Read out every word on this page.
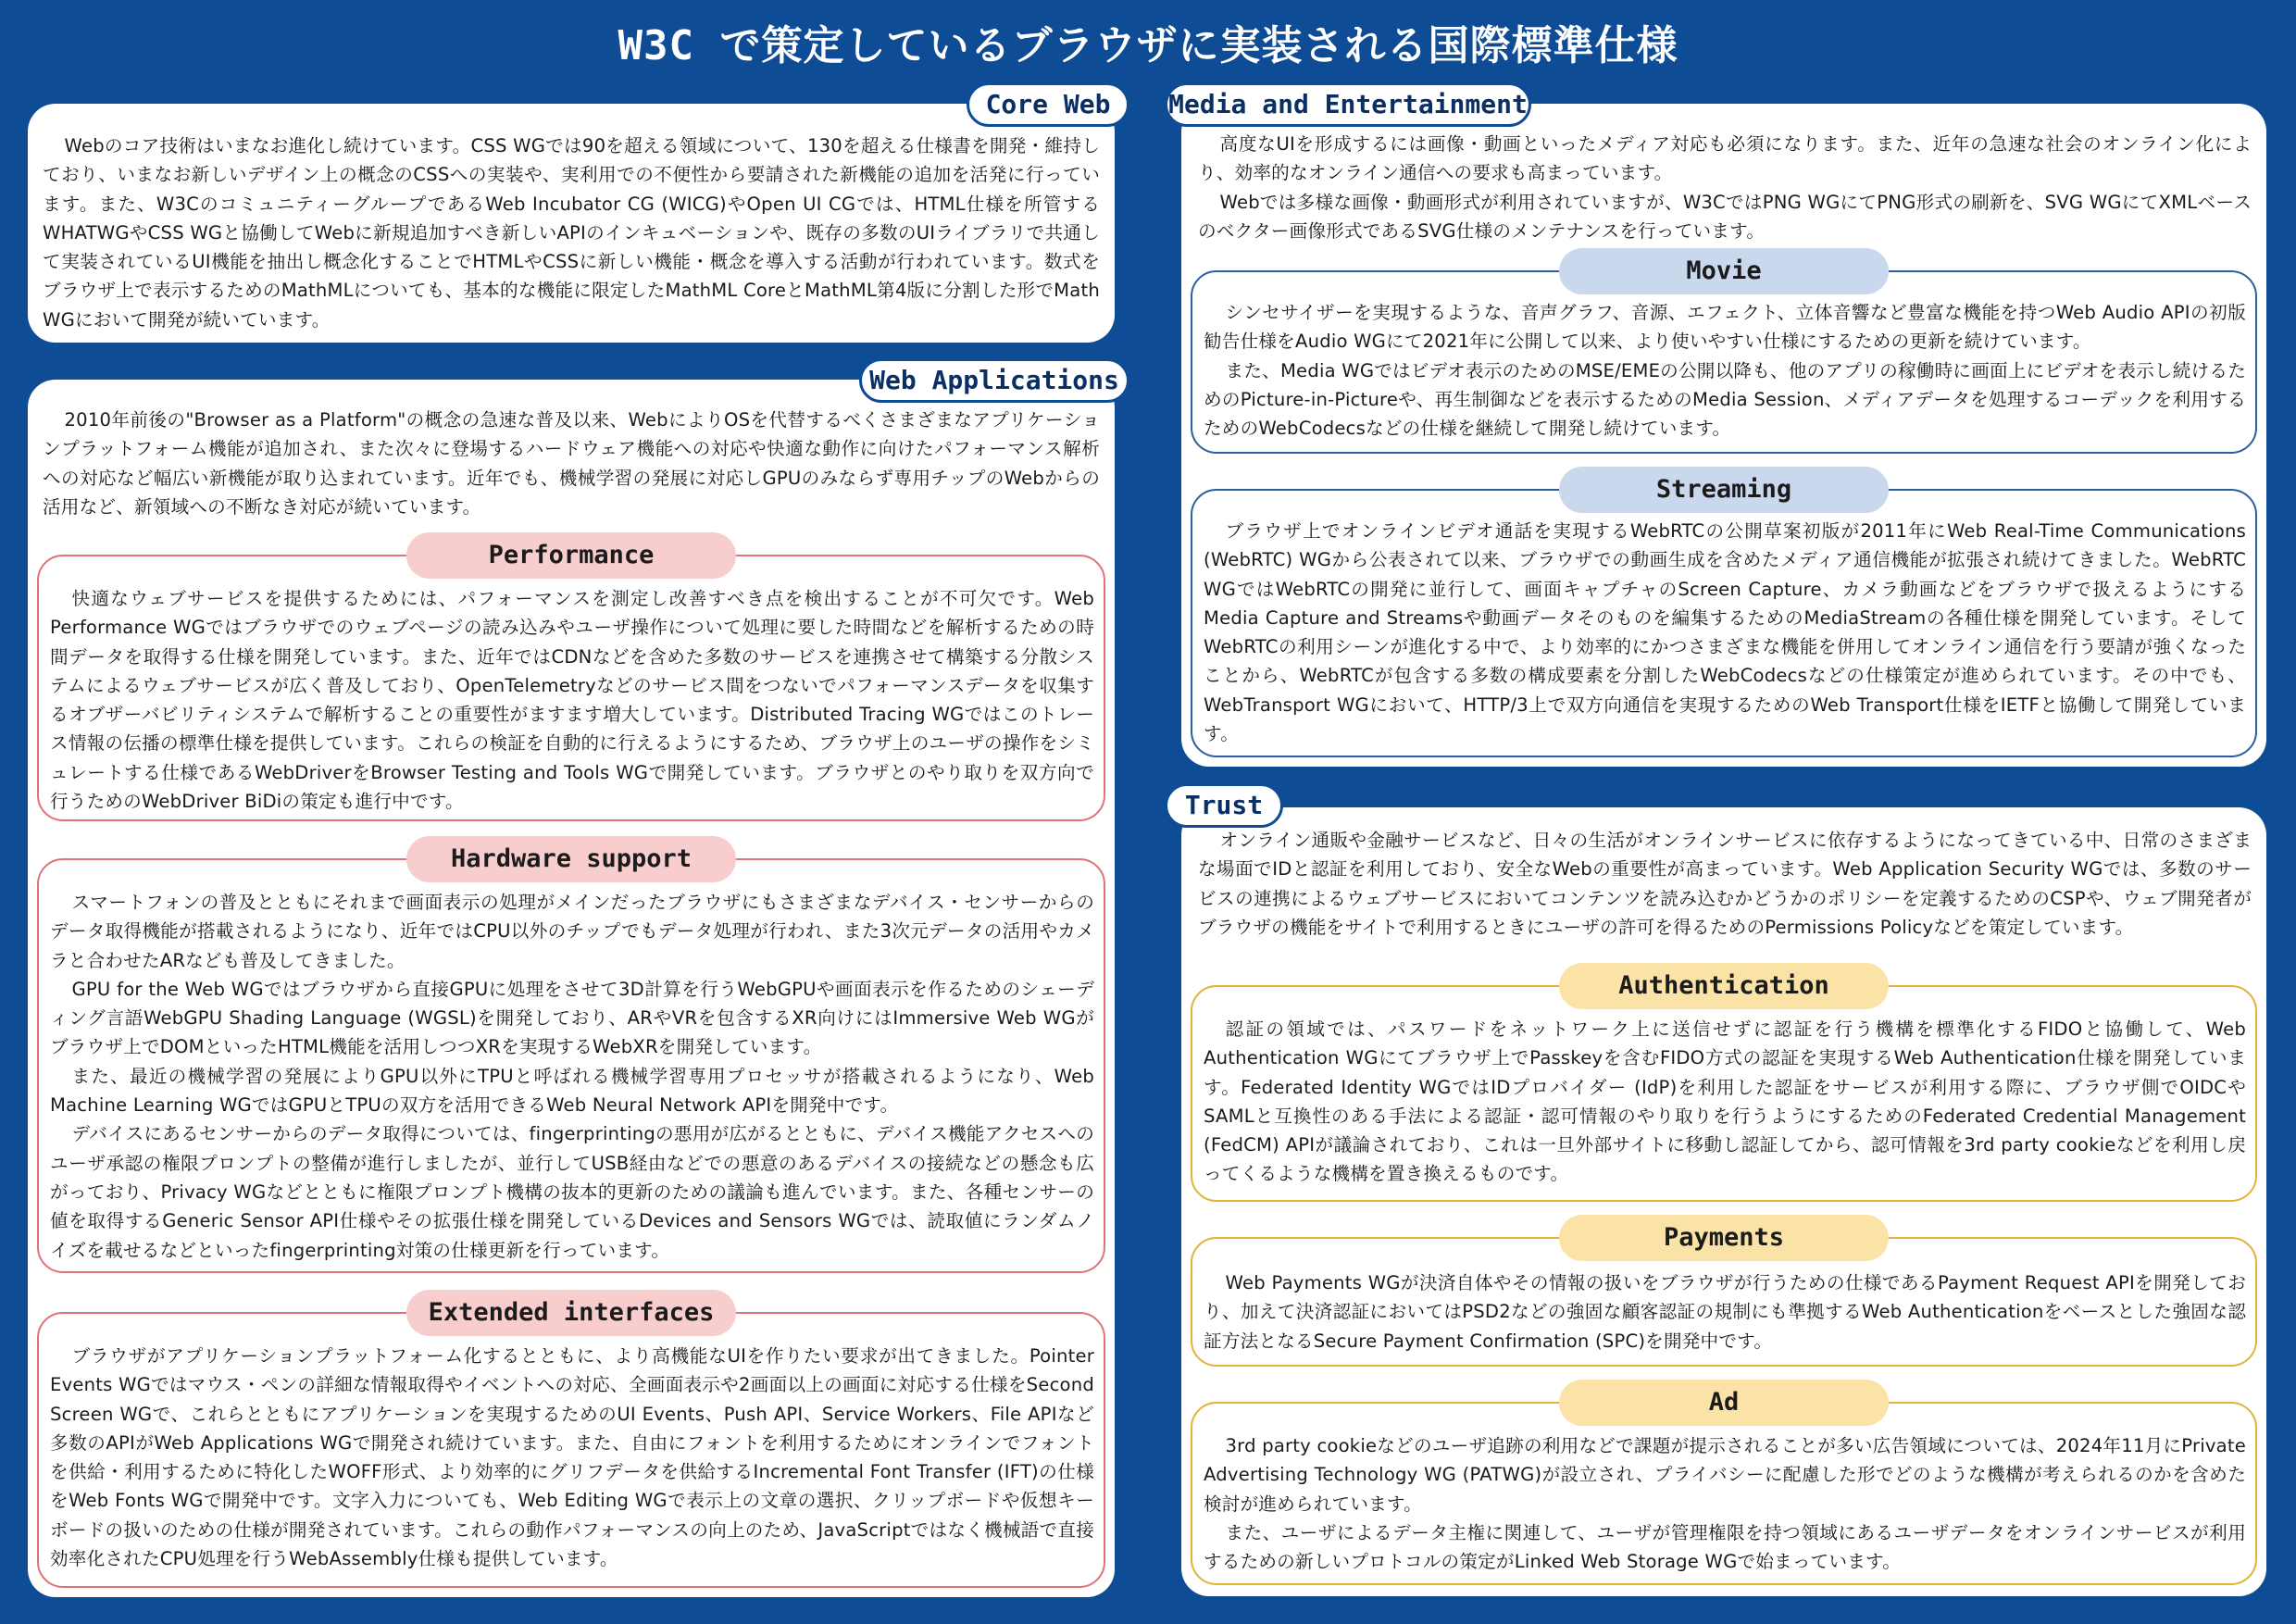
W3C で策定しているブラウザに実装される国際標準仕様

Webのコア技術はいまなお進化し続けています。CSS WGでは90を超える領域について、130を超える仕様書を開発・維持しており、いまなお新しいデザイン上の概念のCSSへの実装や、実利用での不便性から要請された新機能の追加を活発に行っています。また、W3CのコミュニティーグループであるWeb Incubator CG (WICG)やOpen UI CGでは、HTML仕様を所管するWHATWGやCSS WGと協働してWebに新規追加すべき新しいAPIのインキュベーションや、既存の多数のUIライブラリで共通して実装されているUI機能を抽出し概念化することでHTMLやCSSに新しい機能・概念を導入する活動が行われています。数式をブラウザ上で表示するためのMathMLについても、基本的な機能に限定したMathML CoreとMathML第4版に分割した形でMath WGにおいて開発が続いています。

Core Web

2010年前後の"Browser as a Platform"の概念の急速な普及以来、WebによりOSを代替するべくさまざまなアプリケーションプラットフォーム機能が追加され、また次々に登場するハードウェア機能への対応や快適な動作に向けたパフォーマンス解析への対応など幅広い新機能が取り込まれています。近年でも、機械学習の発展に対応しGPUのみならず専用チップのWebからの活用など、新領域への不断なき対応が続いています。

Performance

快適なウェブサービスを提供するためには、パフォーマンスを測定し改善すべき点を検出することが不可欠です。Web Performance WGではブラウザでのウェブページの読み込みやユーザ操作について処理に要した時間などを解析するための時間データを取得する仕様を開発しています。また、近年ではCDNなどを含めた多数のサービスを連携させて構築する分散システムによるウェブサービスが広く普及しており、OpenTelemetryなどのサービス間をつないでパフォーマンスデータを収集するオブザーバビリティシステムで解析することの重要性がますます増大しています。Distributed Tracing WGではこのトレース情報の伝播の標準仕様を提供しています。これらの検証を自動的に行えるようにするため、ブラウザ上のユーザの操作をシミュレートする仕様であるWebDriverをBrowser Testing and Tools WGで開発しています。ブラウザとのやり取りを双方向で行うためのWebDriver BiDiの策定も進行中です。

Hardware support

スマートフォンの普及とともにそれまで画面表示の処理がメインだったブラウザにもさまざまなデバイス・センサーからのデータ取得機能が搭載されるようになり、近年ではCPU以外のチップでもデータ処理が行われ、また3次元データの活用やカメラと合わせたARなども普及してきました。

GPU for the Web WGではブラウザから直接GPUに処理をさせて3D計算を行うWebGPUや画面表示を作るためのシェーディング言語WebGPU Shading Language (WGSL)を開発しており、ARやVRを包含するXR向けにはImmersive Web WGがブラウザ上でDOMといったHTML機能を活用しつつXRを実現するWebXRを開発しています。

また、最近の機械学習の発展によりGPU以外にTPUと呼ばれる機械学習専用プロセッサが搭載されるようになり、Web Machine Learning WGではGPUとTPUの双方を活用できるWeb Neural Network APIを開発中です。

デバイスにあるセンサーからのデータ取得については、fingerprintingの悪用が広がるとともに、デバイス機能アクセスへのユーザ承認の権限プロンプトの整備が進行しましたが、並行してUSB経由などでの悪意のあるデバイスの接続などの懸念も広がっており、Privacy WGなどとともに権限プロンプト機構の抜本的更新のための議論も進んでいます。また、各種センサーの値を取得するGeneric Sensor API仕様やその拡張仕様を開発しているDevices and Sensors WGでは、読取値にランダムノイズを載せるなどといったfingerprinting対策の仕様更新を行っています。

Extended interfaces

ブラウザがアプリケーションプラットフォーム化するとともに、より高機能なUIを作りたい要求が出てきました。Pointer Events WGではマウス・ペンの詳細な情報取得やイベントへの対応、全画面表示や2画面以上の画面に対応する仕様をSecond Screen WGで、これらとともにアプリケーションを実現するためのUI Events、Push API、Service Workers、File APIなど多数のAPIがWeb Applications WGで開発され続けています。また、自由にフォントを利用するためにオンラインでフォントを供給・利用するために特化したWOFF形式、より効率的にグリフデータを供給するIncremental Font Transfer (IFT)の仕様をWeb Fonts WGで開発中です。文字入力についても、Web Editing WGで表示上の文章の選択、クリップボードや仮想キーボードの扱いのための仕様が開発されています。これらの動作パフォーマンスの向上のため、JavaScriptではなく機械語で直接効率化されたCPU処理を行うWebAssembly仕様も提供しています。

Web Applications

高度なUIを形成するには画像・動画といったメディア対応も必須になります。また、近年の急速な社会のオンライン化により、効率的なオンライン通信への要求も高まっています。

Webでは多様な画像・動画形式が利用されていますが、W3CではPNG WGにてPNG形式の刷新を、SVG WGにてXMLベースのベクター画像形式であるSVG仕様のメンテナンスを行っています。

Movie

シンセサイザーを実現するような、音声グラフ、音源、エフェクト、立体音響など豊富な機能を持つWeb Audio APIの初版勧告仕様をAudio WGにて2021年に公開して以来、より使いやすい仕様にするための更新を続けています。

また、Media WGではビデオ表示のためのMSE/EMEの公開以降も、他のアプリの稼働時に画面上にビデオを表示し続けるためのPicture-in-Pictureや、再生制御などを表示するためのMedia Session、メディアデータを処理するコーデックを利用するためのWebCodecsなどの仕様を継続して開発し続けています。

Streaming

ブラウザ上でオンラインビデオ通話を実現するWebRTCの公開草案初版が2011年にWeb Real-Time Communications (WebRTC) WGから公表されて以来、ブラウザでの動画生成を含めたメディア通信機能が拡張され続けてきました。WebRTC WGではWebRTCの開発に並行して、画面キャプチャのScreen Capture、カメラ動画などをブラウザで扱えるようにするMedia Capture and Streamsや動画データそのものを編集するためのMediaStreamの各種仕様を開発しています。そしてWebRTCの利用シーンが進化する中で、より効率的にかつさまざまな機能を併用してオンライン通信を行う要請が強くなったことから、WebRTCが包含する多数の構成要素を分割したWebCodecsなどの仕様策定が進められています。その中でも、WebTransport WGにおいて、HTTP/3上で双方向通信を実現するためのWeb Transport仕様をIETFと協働して開発しています。

Media and Entertainment

オンライン通販や金融サービスなど、日々の生活がオンラインサービスに依存するようになってきている中、日常のさまざまな場面でIDと認証を利用しており、安全なWebの重要性が高まっています。Web Application Security WGでは、多数のサービスの連携によるウェブサービスにおいてコンテンツを読み込むかどうかのポリシーを定義するためのCSPや、ウェブ開発者がブラウザの機能をサイトで利用するときにユーザの許可を得るためのPermissions Policyなどを策定しています。

Authentication

認証の領域では、パスワードをネットワーク上に送信せずに認証を行う機構を標準化するFIDOと協働して、Web Authentication WGにてブラウザ上でPasskeyを含むFIDO方式の認証を実現するWeb Authentication仕様を開発しています。Federated Identity WGではIDプロバイダー (IdP)を利用した認証をサービスが利用する際に、ブラウザ側でOIDCやSAMLと互換性のある手法による認証・認可情報のやり取りを行うようにするためのFederated Credential Management (FedCM) APIが議論されており、これは一旦外部サイトに移動し認証してから、認可情報を3rd party cookieなどを利用し戻ってくるような機構を置き換えるものです。

Payments

Web Payments WGが決済自体やその情報の扱いをブラウザが行うための仕様であるPayment Request APIを開発しており、加えて決済認証においてはPSD2などの強固な顧客認証の規制にも準拠するWeb Authenticationをベースとした強固な認証方法となるSecure Payment Confirmation (SPC)を開発中です。

Ad

3rd party cookieなどのユーザ追跡の利用などで課題が提示されることが多い広告領域については、2024年11月にPrivate Advertising Technology WG (PATWG)が設立され、プライバシーに配慮した形でどのような機構が考えられるのかを含めた検討が進められています。

また、ユーザによるデータ主権に関連して、ユーザが管理権限を持つ領域にあるユーザデータをオンラインサービスが利用するための新しいプロトコルの策定がLinked Web Storage WGで始まっています。

Trust
